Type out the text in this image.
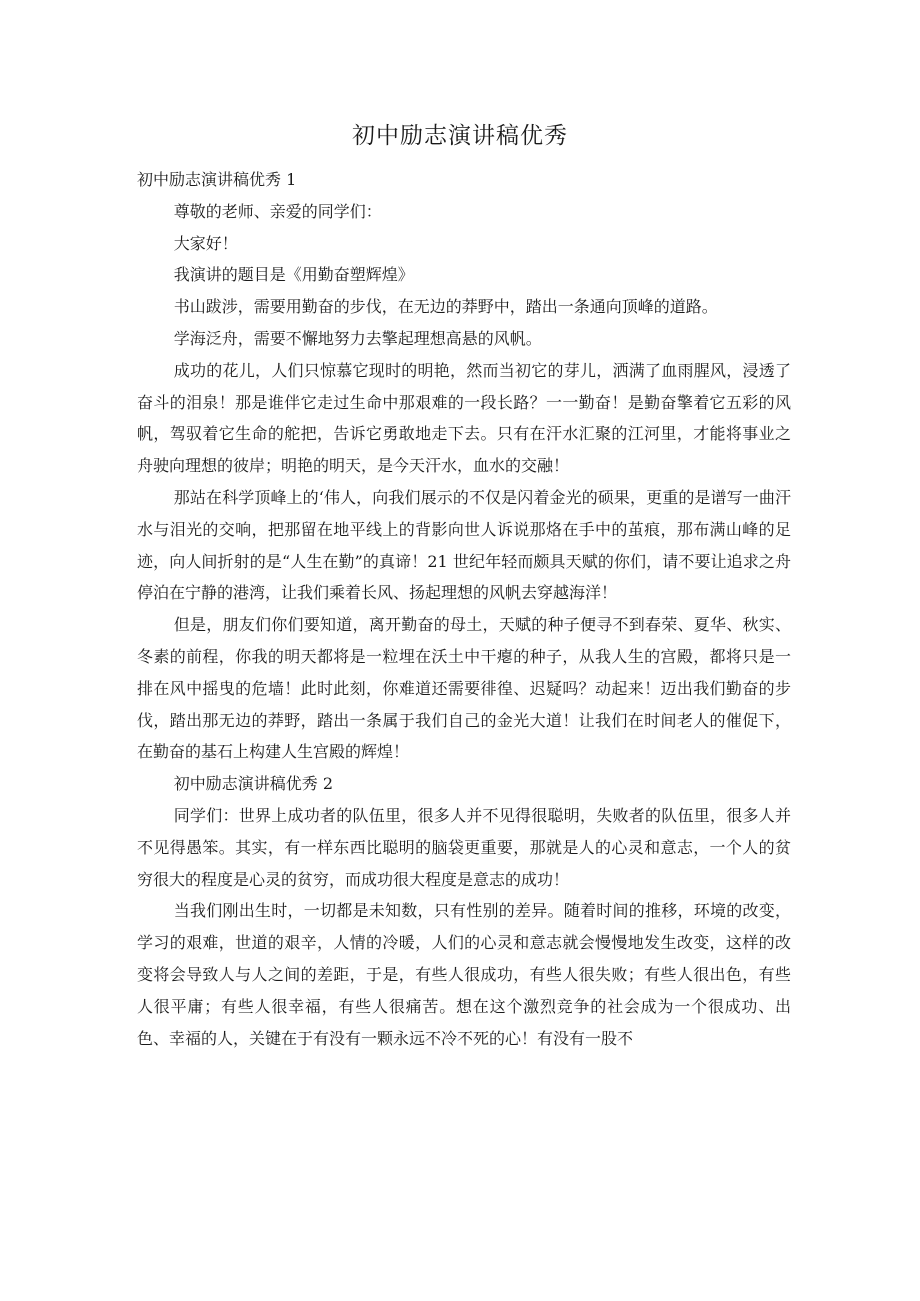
初中励志演讲稿优秀

初中励志演讲稿优秀 1

尊敬的老师、亲爱的同学们：

大家好！

我演讲的题目是《用勤奋塑辉煌》

书山跋涉，需要用勤奋的步伐，在无边的莽野中，踏出一条通向顶峰的道路。

学海泛舟，需要不懈地努力去擎起理想高悬的风帆。

成功的花儿，人们只惊慕它现时的明艳，然而当初它的芽儿，洒满了血雨腥风，浸透了奋斗的泪泉！那是谁伴它走过生命中那艰难的一段长路？一一勤奋！是勤奋擎着它五彩的风帆，驾驭着它生命的舵把，告诉它勇敢地走下去。只有在汗水汇聚的江河里，才能将事业之舟驶向理想的彼岸；明艳的明天，是今天汗水，血水的交融！

那站在科学顶峰上的‘伟人，向我们展示的不仅是闪着金光的硕果，更重的是谱写一曲汗水与泪光的交响，把那留在地平线上的背影向世人诉说那烙在手中的茧痕，那布满山峰的足迹，向人间折射的是“人生在勤”的真谛！21 世纪年轻而颇具天赋的你们，请不要让追求之舟停泊在宁静的港湾，让我们乘着长风、扬起理想的风帆去穿越海洋！

但是，朋友们你们要知道，离开勤奋的母土，天赋的种子便寻不到春荣、夏华、秋实、冬素的前程，你我的明天都将是一粒埋在沃土中干瘪的种子，从我人生的宫殿，都将只是一排在风中摇曳的危墙！此时此刻，你难道还需要徘徨、迟疑吗？动起来！迈出我们勤奋的步伐，踏出那无边的莽野，踏出一条属于我们自己的金光大道！让我们在时间老人的催促下，在勤奋的基石上构建人生宫殿的辉煌！

初中励志演讲稿优秀 2

同学们：世界上成功者的队伍里，很多人并不见得很聪明，失败者的队伍里，很多人并不见得愚笨。其实，有一样东西比聪明的脑袋更重要，那就是人的心灵和意志，一个人的贫穷很大的程度是心灵的贫穷，而成功很大程度是意志的成功！

当我们刚出生时，一切都是未知数，只有性别的差异。随着时间的推移，环境的改变，学习的艰难，世道的艰辛，人情的冷暖，人们的心灵和意志就会慢慢地发生改变，这样的改变将会导致人与人之间的差距，于是，有些人很成功，有些人很失败；有些人很出色，有些人很平庸；有些人很幸福，有些人很痛苦。想在这个激烈竞争的社会成为一个很成功、出色、幸福的人，关键在于有没有一颗永远不冷不死的心！有没有一股不
